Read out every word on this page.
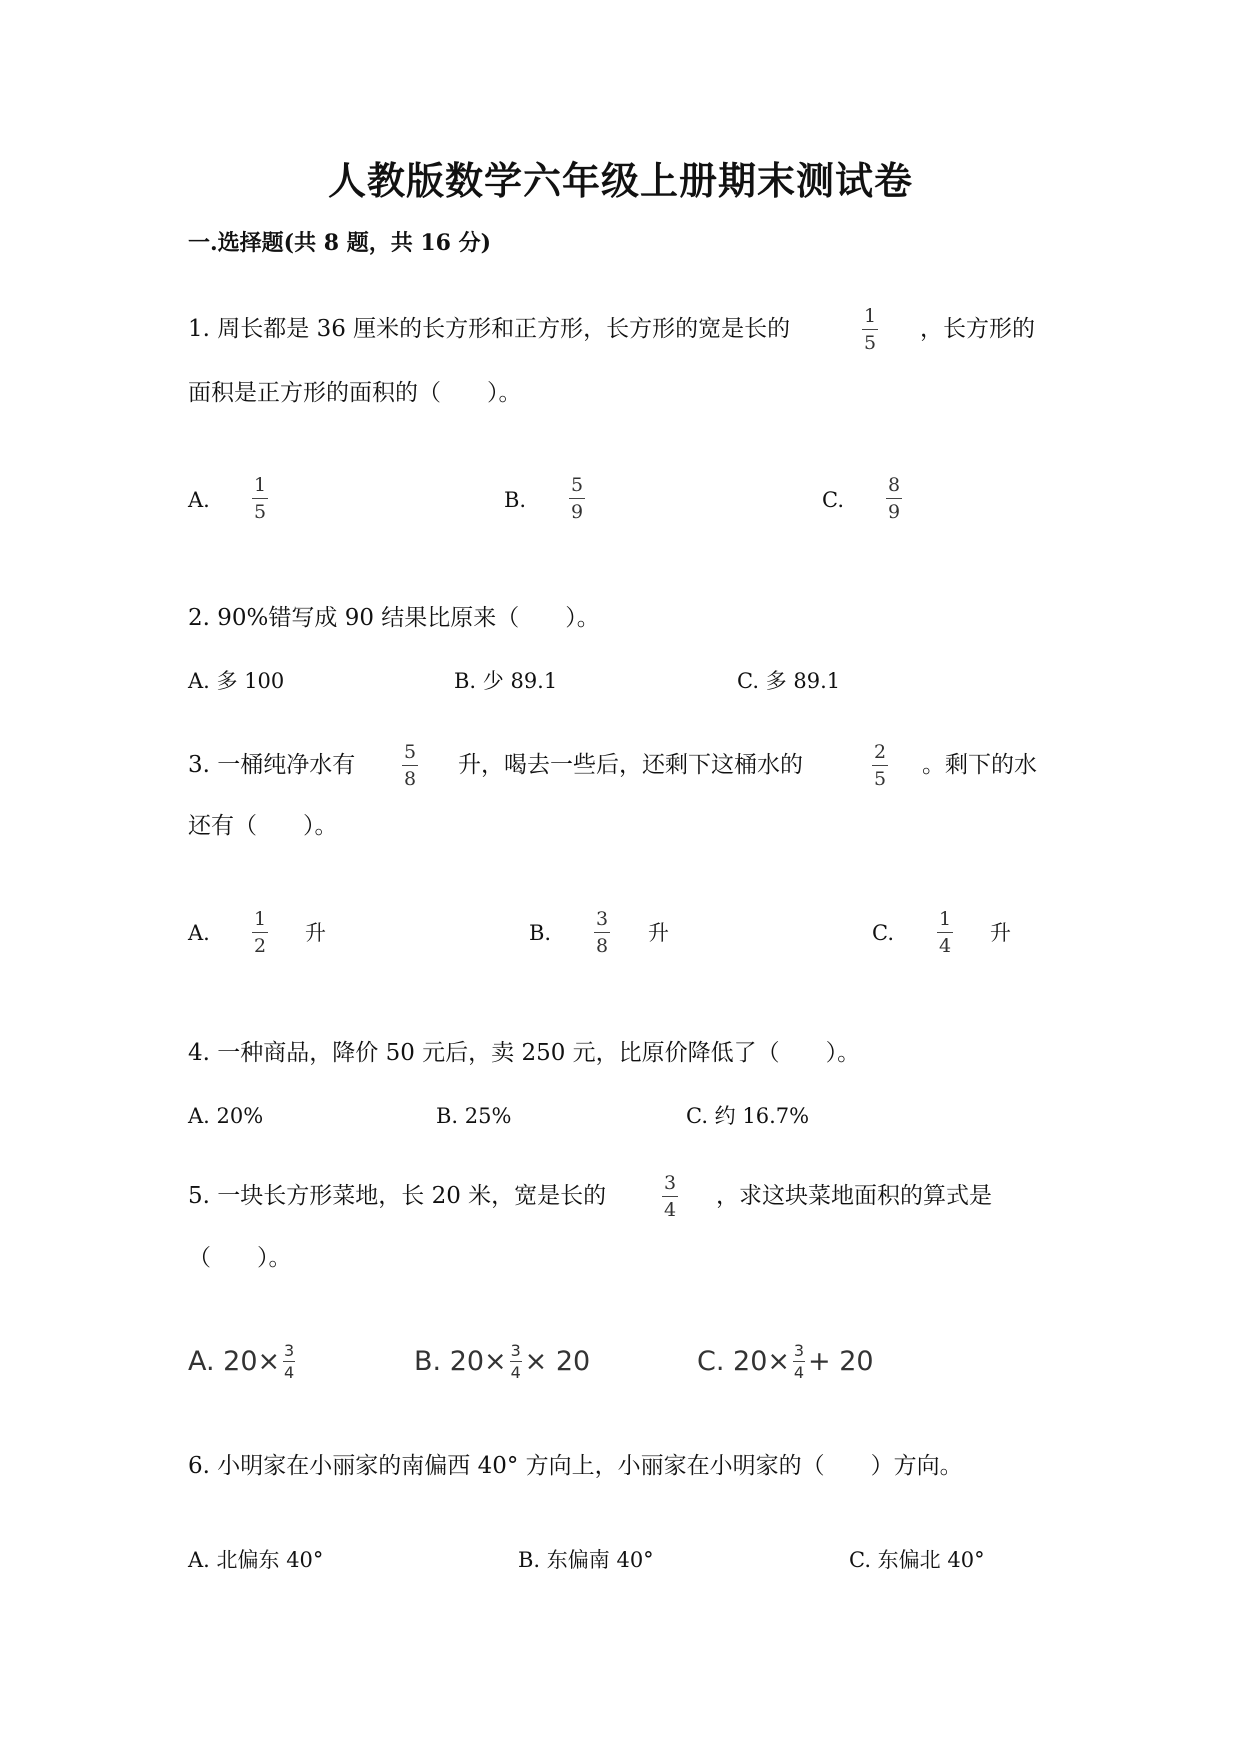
人教版数学六年级上册期末测试卷
一.选择题(共 8 题，共 16 分)
1. 周长都是 36 厘米的长方形和正方形，长方形的宽是长的	1
5
，长方形的
面积是正方形的面积的（　　）。
A.
1
5	B.
5
9	C.
8
9
2. 90%错写成 90 结果比原来（　　）。
A. 多 100	B. 少 89.1	C. 多 89.1
3. 一桶纯净水有	5
8
升，喝去一些后，还剩下这桶水的	2
5
。剩下的水
还有（　　）。
A.
1
2
升	B.
3
8
升	C.
1
4
升
4. 一种商品，降价 50 元后，卖 250 元，比原价降低了（　　）。
A. 20%	B. 25%	C. 约 16.7%
5. 一块长方形菜地，长 20 米，宽是长的	3
4
，求这块菜地面积的算式是
（　　）。
A. $20\times \frac{3}{4}$	B. $20\times \frac{3}{4} \times 20$	C. $20\times \frac{3}{4} + 20$
6. 小明家在小丽家的南偏西 40° 方向上，小丽家在小明家的（　　）方向。
A. 北偏东 40°	B. 东偏南 40°	C. 东偏北 40°
